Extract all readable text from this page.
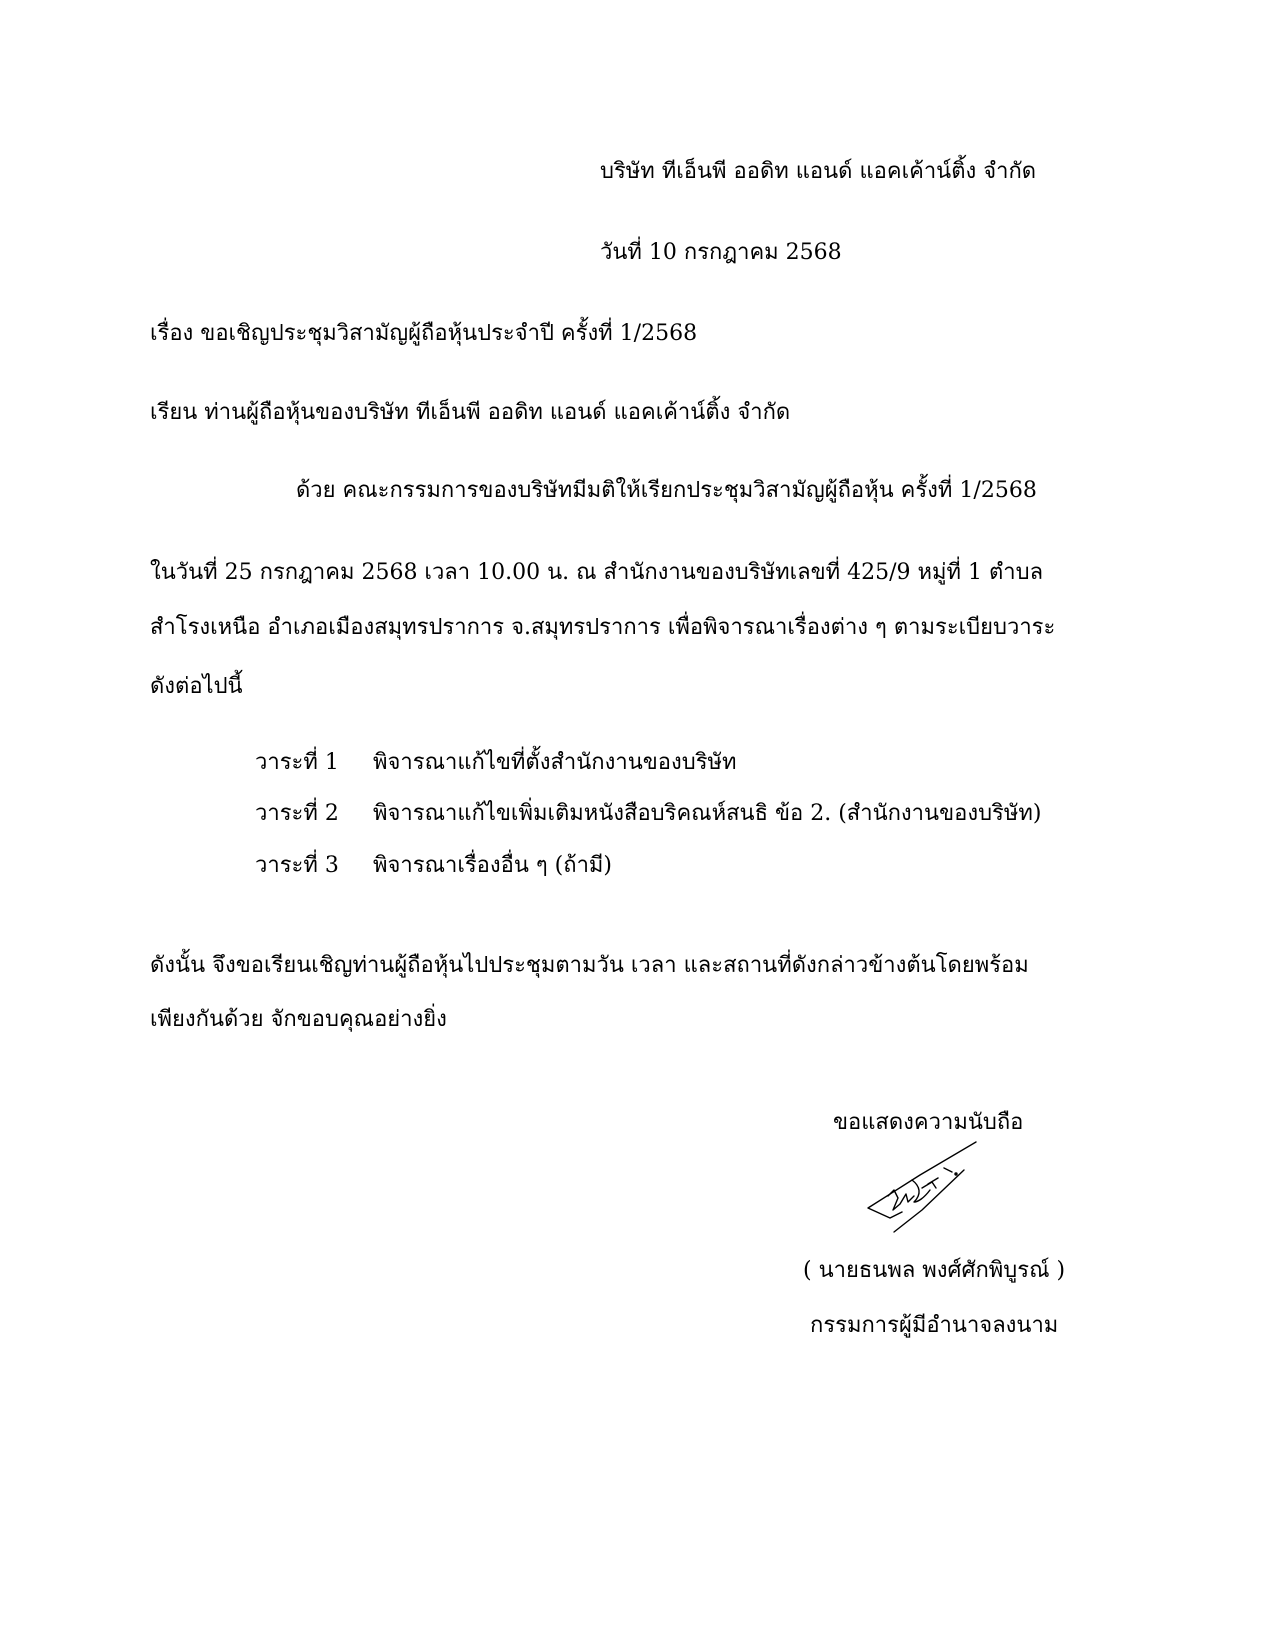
บริษัท ทีเอ็นพี ออดิท แอนด์ แอคเค้าน์ติ้ง จำกัด
วันที่ 10 กรกฎาคม 2568
เรื่อง ขอเชิญประชุมวิสามัญผู้ถือหุ้นประจำปี ครั้งที่ 1/2568
เรียน ท่านผู้ถือหุ้นของบริษัท ทีเอ็นพี ออดิท แอนด์ แอคเค้าน์ติ้ง จำกัด
ด้วย คณะกรรมการของบริษัทมีมติให้เรียกประชุมวิสามัญผู้ถือหุ้น ครั้งที่ 1/2568
ในวันที่ 25 กรกฎาคม 2568 เวลา 10.00 น. ณ สำนักงานของบริษัทเลขที่ 425/9 หมู่ที่ 1 ตำบล
สำโรงเหนือ อำเภอเมืองสมุทรปราการ จ.สมุทรปราการ เพื่อพิจารณาเรื่องต่าง ๆ ตามระเบียบวาระ
ดังต่อไปนี้
วาระที่ 1 พิจารณาแก้ไขที่ตั้งสำนักงานของบริษัท
วาระที่ 2 พิจารณาแก้ไขเพิ่มเติมหนังสือบริคณห์สนธิ ข้อ 2. (สำนักงานของบริษัท)
วาระที่ 3 พิจารณาเรื่องอื่น ๆ (ถ้ามี)
ดังนั้น จึงขอเรียนเชิญท่านผู้ถือหุ้นไปประชุมตามวัน เวลา และสถานที่ดังกล่าวข้างต้นโดยพร้อม
เพียงกันด้วย จักขอบคุณอย่างยิ่ง
ขอแสดงความนับถือ
( นายธนพล พงศ์ศักพิบูรณ์ )
กรรมการผู้มีอำนาจลงนาม
